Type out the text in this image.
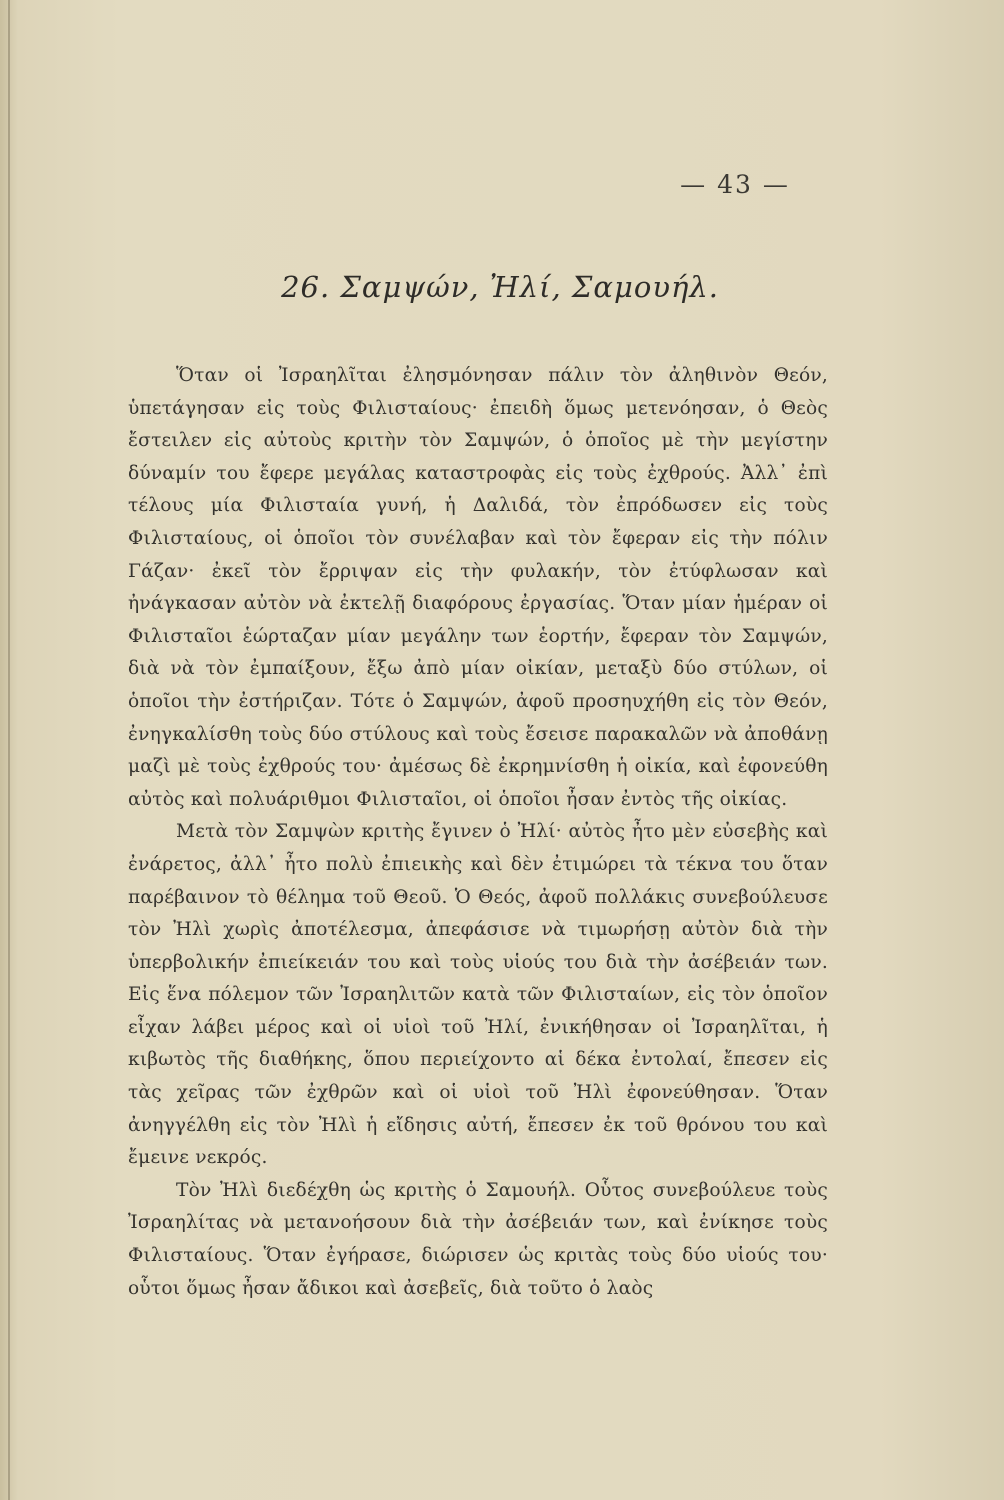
— 43 —
26. Σαμψών, Ἠλί, Σαμουήλ.

Ὅταν οἱ Ἰσραηλῖται ἐλησμόνησαν πάλιν τὸν ἀληθινὸν Θεόν, ὑπετάγησαν εἰς τοὺς Φιλισταίους· ἐπειδὴ ὅμως μετενόησαν, ὁ Θεὸς ἔστειλεν εἰς αὐτοὺς κριτὴν τὸν Σαμψών, ὁ ὁποῖος μὲ τὴν μεγίστην δύναμίν του ἔφερε μεγάλας καταστροφὰς εἰς τοὺς ἐχθρούς. Ἀλλ᾽ ἐπὶ τέλους μία Φιλισταία γυνή, ἡ Δαλιδά, τὸν ἐπρόδωσεν εἰς τοὺς Φιλισταίους, οἱ ὁποῖοι τὸν συνέλαβαν καὶ τὸν ἔφεραν εἰς τὴν πόλιν Γάζαν· ἐκεῖ τὸν ἔρριψαν εἰς τὴν φυλακήν, τὸν ἐτύφλωσαν καὶ ἠνάγκασαν αὐτὸν νὰ ἐκτελῇ διαφόρους ἐργασίας. Ὅταν μίαν ἡμέραν οἱ Φιλισταῖοι ἑώρταζαν μίαν μεγάλην των ἑορτήν, ἔφεραν τὸν Σαμψών, διὰ νὰ τὸν ἐμπαίξουν, ἔξω ἀπὸ μίαν οἰκίαν, μεταξὺ δύο στύλων, οἱ ὁποῖοι τὴν ἐστήριζαν. Τότε ὁ Σαμψών, ἀφοῦ προσηυχήθη εἰς τὸν Θεόν, ἐνηγκαλίσθη τοὺς δύο στύλους καὶ τοὺς ἔσεισε παρακαλῶν νὰ ἀποθάνῃ μαζὶ μὲ τοὺς ἐχθρούς του· ἀμέσως δὲ ἐκρημνίσθη ἡ οἰκία, καὶ ἐφονεύθη αὐτὸς καὶ πολυάριθμοι Φιλισταῖοι, οἱ ὁποῖοι ἦσαν ἐντὸς τῆς οἰκίας.

Μετὰ τὸν Σαμψὼν κριτὴς ἔγινεν ὁ Ἠλί· αὐτὸς ἦτο μὲν εὐσεβὴς καὶ ἐνάρετος, ἀλλ᾽ ἦτο πολὺ ἐπιεικὴς καὶ δὲν ἐτιμώρει τὰ τέκνα του ὅταν παρέβαινον τὸ θέλημα τοῦ Θεοῦ. Ὁ Θεός, ἀφοῦ πολλάκις συνεβούλευσε τὸν Ἠλὶ χωρὶς ἀποτέλεσμα, ἀπεφάσισε νὰ τιμωρήσῃ αὐτὸν διὰ τὴν ὑπερβολικήν ἐπιείκειάν του καὶ τοὺς υἱούς του διὰ τὴν ἀσέβειάν των. Εἰς ἕνα πόλεμον τῶν Ἰσραηλιτῶν κατὰ τῶν Φιλισταίων, εἰς τὸν ὁποῖον εἶχαν λάβει μέρος καὶ οἱ υἱοὶ τοῦ Ἠλί, ἐνικήθησαν οἱ Ἰσραηλῖται, ἡ κιβωτὸς τῆς διαθήκης, ὅπου περιείχοντο αἱ δέκα ἐντολαί, ἔπεσεν εἰς τὰς χεῖρας τῶν ἐχθρῶν καὶ οἱ υἱοὶ τοῦ Ἠλὶ ἐφονεύθησαν. Ὅταν ἀνηγγέλθη εἰς τὸν Ἠλὶ ἡ εἴδησις αὐτή, ἔπεσεν ἐκ τοῦ θρόνου του καὶ ἔμεινε νεκρός.

Τὸν Ἠλὶ διεδέχθη ὡς κριτὴς ὁ Σαμουήλ. Οὗτος συνεβούλευε τοὺς Ἰσραηλίτας νὰ μετανοήσουν διὰ τὴν ἀσέβειάν των, καὶ ἐνίκησε τοὺς Φιλισταίους. Ὅταν ἐγήρασε, διώρισεν ὡς κριτὰς τοὺς δύο υἱούς του· οὗτοι ὅμως ἦσαν ἄδικοι καὶ ἀσεβεῖς, διὰ τοῦτο ὁ λαὸς
